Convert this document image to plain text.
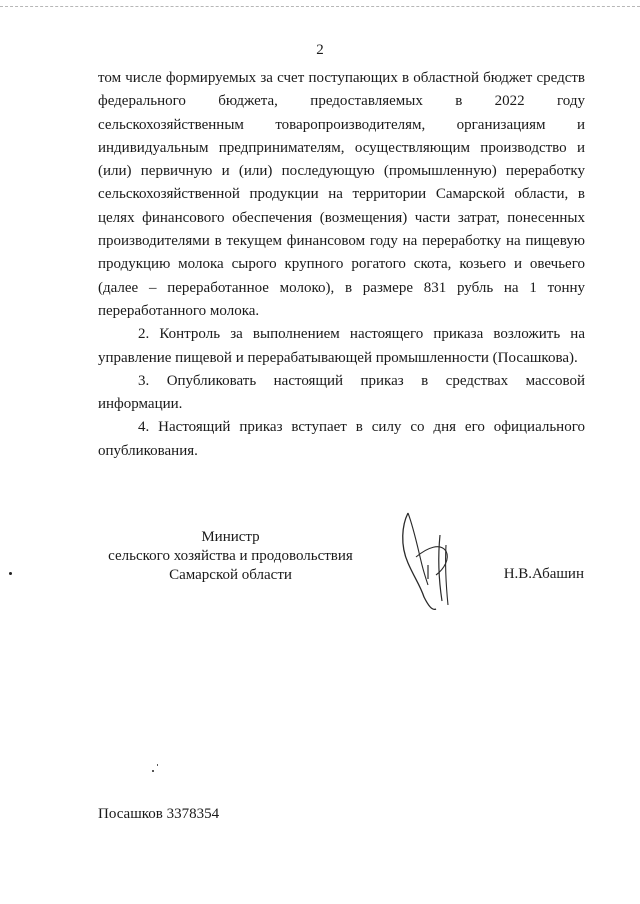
2

том числе формируемых за счет поступающих в областной бюджет средств

федерального бюджета, предоставляемых в 2022 году

сельскохозяйственным товаропроизводителям, организациям и

индивидуальным предпринимателям, осуществляющим производство и

(или) первичную и (или) последующую (промышленную) переработку

сельскохозяйственной продукции на территории Самарской области, в

целях финансового обеспечения (возмещения) части затрат, понесенных

производителями в текущем финансовом году на переработку на пищевую

продукцию молока сырого крупного рогатого скота, козьего и овечьего

(далее – переработанное молоко), в размере 831 рубль на 1 тонну

переработанного молока.

2. Контроль за выполнением настоящего приказа возложить на управление пищевой и перерабатывающей промышленности (Посашкова).

3. Опубликовать настоящий приказ в средствах массовой информации.

4. Настоящий приказ вступает в силу со дня его официального опубликования.

Министр
сельского хозяйства и продовольствия
Самарской области	Н.В.Абашин
Посашков 3378354
